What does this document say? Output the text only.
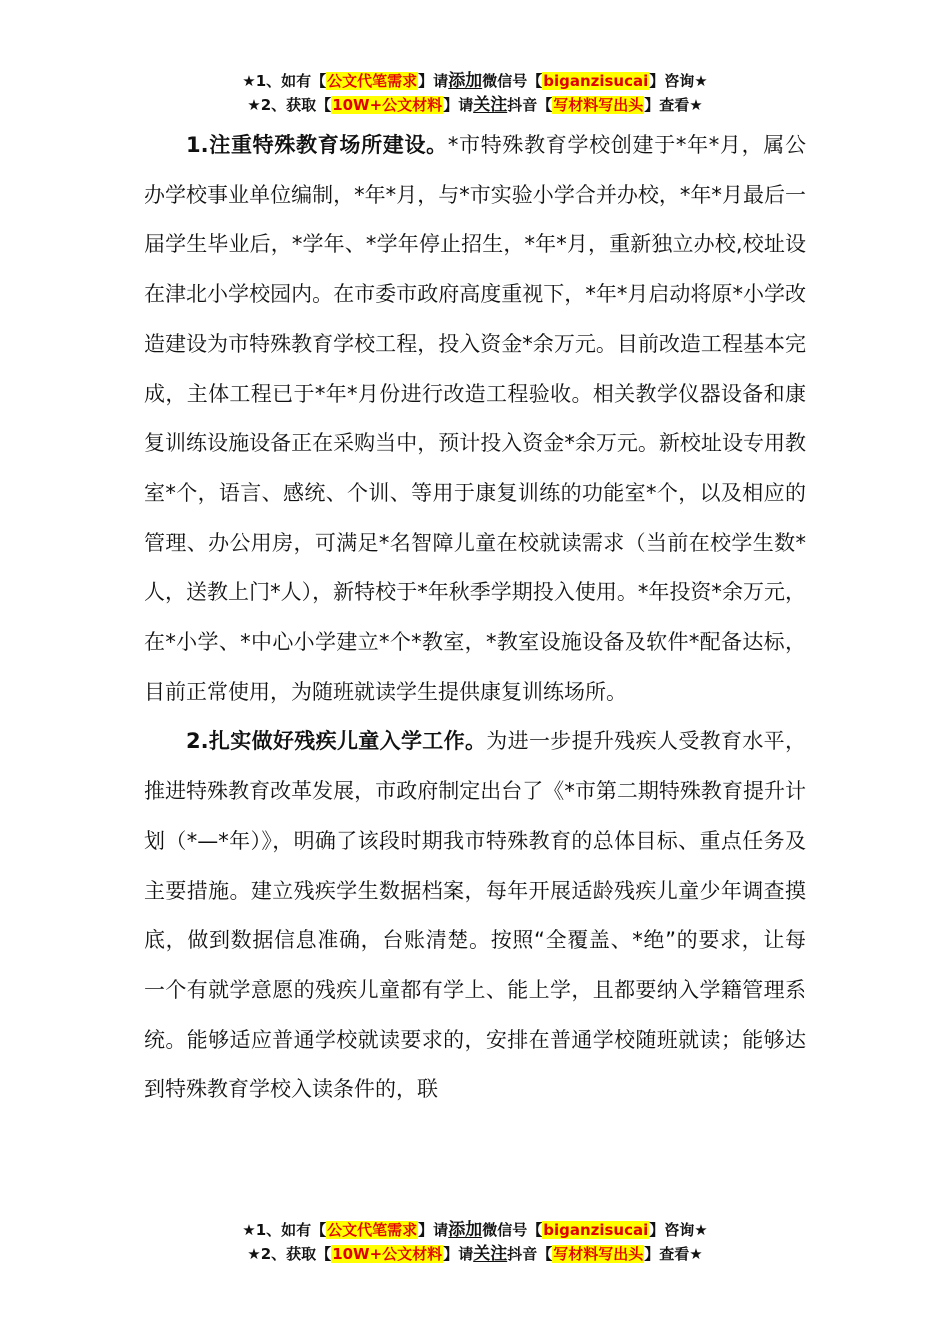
★1、如有【公文代笔需求】请添加微信号【biganzisucai】咨询★
★2、获取【10W+公文材料】请关注抖音【写材料写出头】查看★

1.注重特殊教育场所建设。*市特殊教育学校创建于*年*月，属公办学校事业单位编制，*年*月，与*市实验小学合并办校，*年*月最后一届学生毕业后，*学年、*学年停止招生，*年*月，重新独立办校,校址设在津北小学校园内。在市委市政府高度重视下，*年*月启动将原*小学改造建设为市特殊教育学校工程，投入资金*余万元。目前改造工程基本完成，主体工程已于*年*月份进行改造工程验收。相关教学仪器设备和康复训练设施设备正在采购当中，预计投入资金*余万元。新校址设专用教室*个，语言、感统、个训、等用于康复训练的功能室*个，以及相应的管理、办公用房，可满足*名智障儿童在校就读需求（当前在校学生数*人，送教上门*人），新特校于*年秋季学期投入使用。*年投资*余万元，在*小学、*中心小学建立*个*教室，*教室设施设备及软件*配备达标，目前正常使用，为随班就读学生提供康复训练场所。

2.扎实做好残疾儿童入学工作。为进一步提升残疾人受教育水平，推进特殊教育改革发展，市政府制定出台了《*市第二期特殊教育提升计划（*—*年）》，明确了该段时期我市特殊教育的总体目标、重点任务及主要措施。建立残疾学生数据档案，每年开展适龄残疾儿童少年调查摸底，做到数据信息准确，台账清楚。按照“全覆盖、*绝”的要求，让每一个有就学意愿的残疾儿童都有学上、能上学，且都要纳入学籍管理系统。能够适应普通学校就读要求的，安排在普通学校随班就读；能够达到特殊教育学校入读条件的，联

★1、如有【公文代笔需求】请添加微信号【biganzisucai】咨询★
★2、获取【10W+公文材料】请关注抖音【写材料写出头】查看★
